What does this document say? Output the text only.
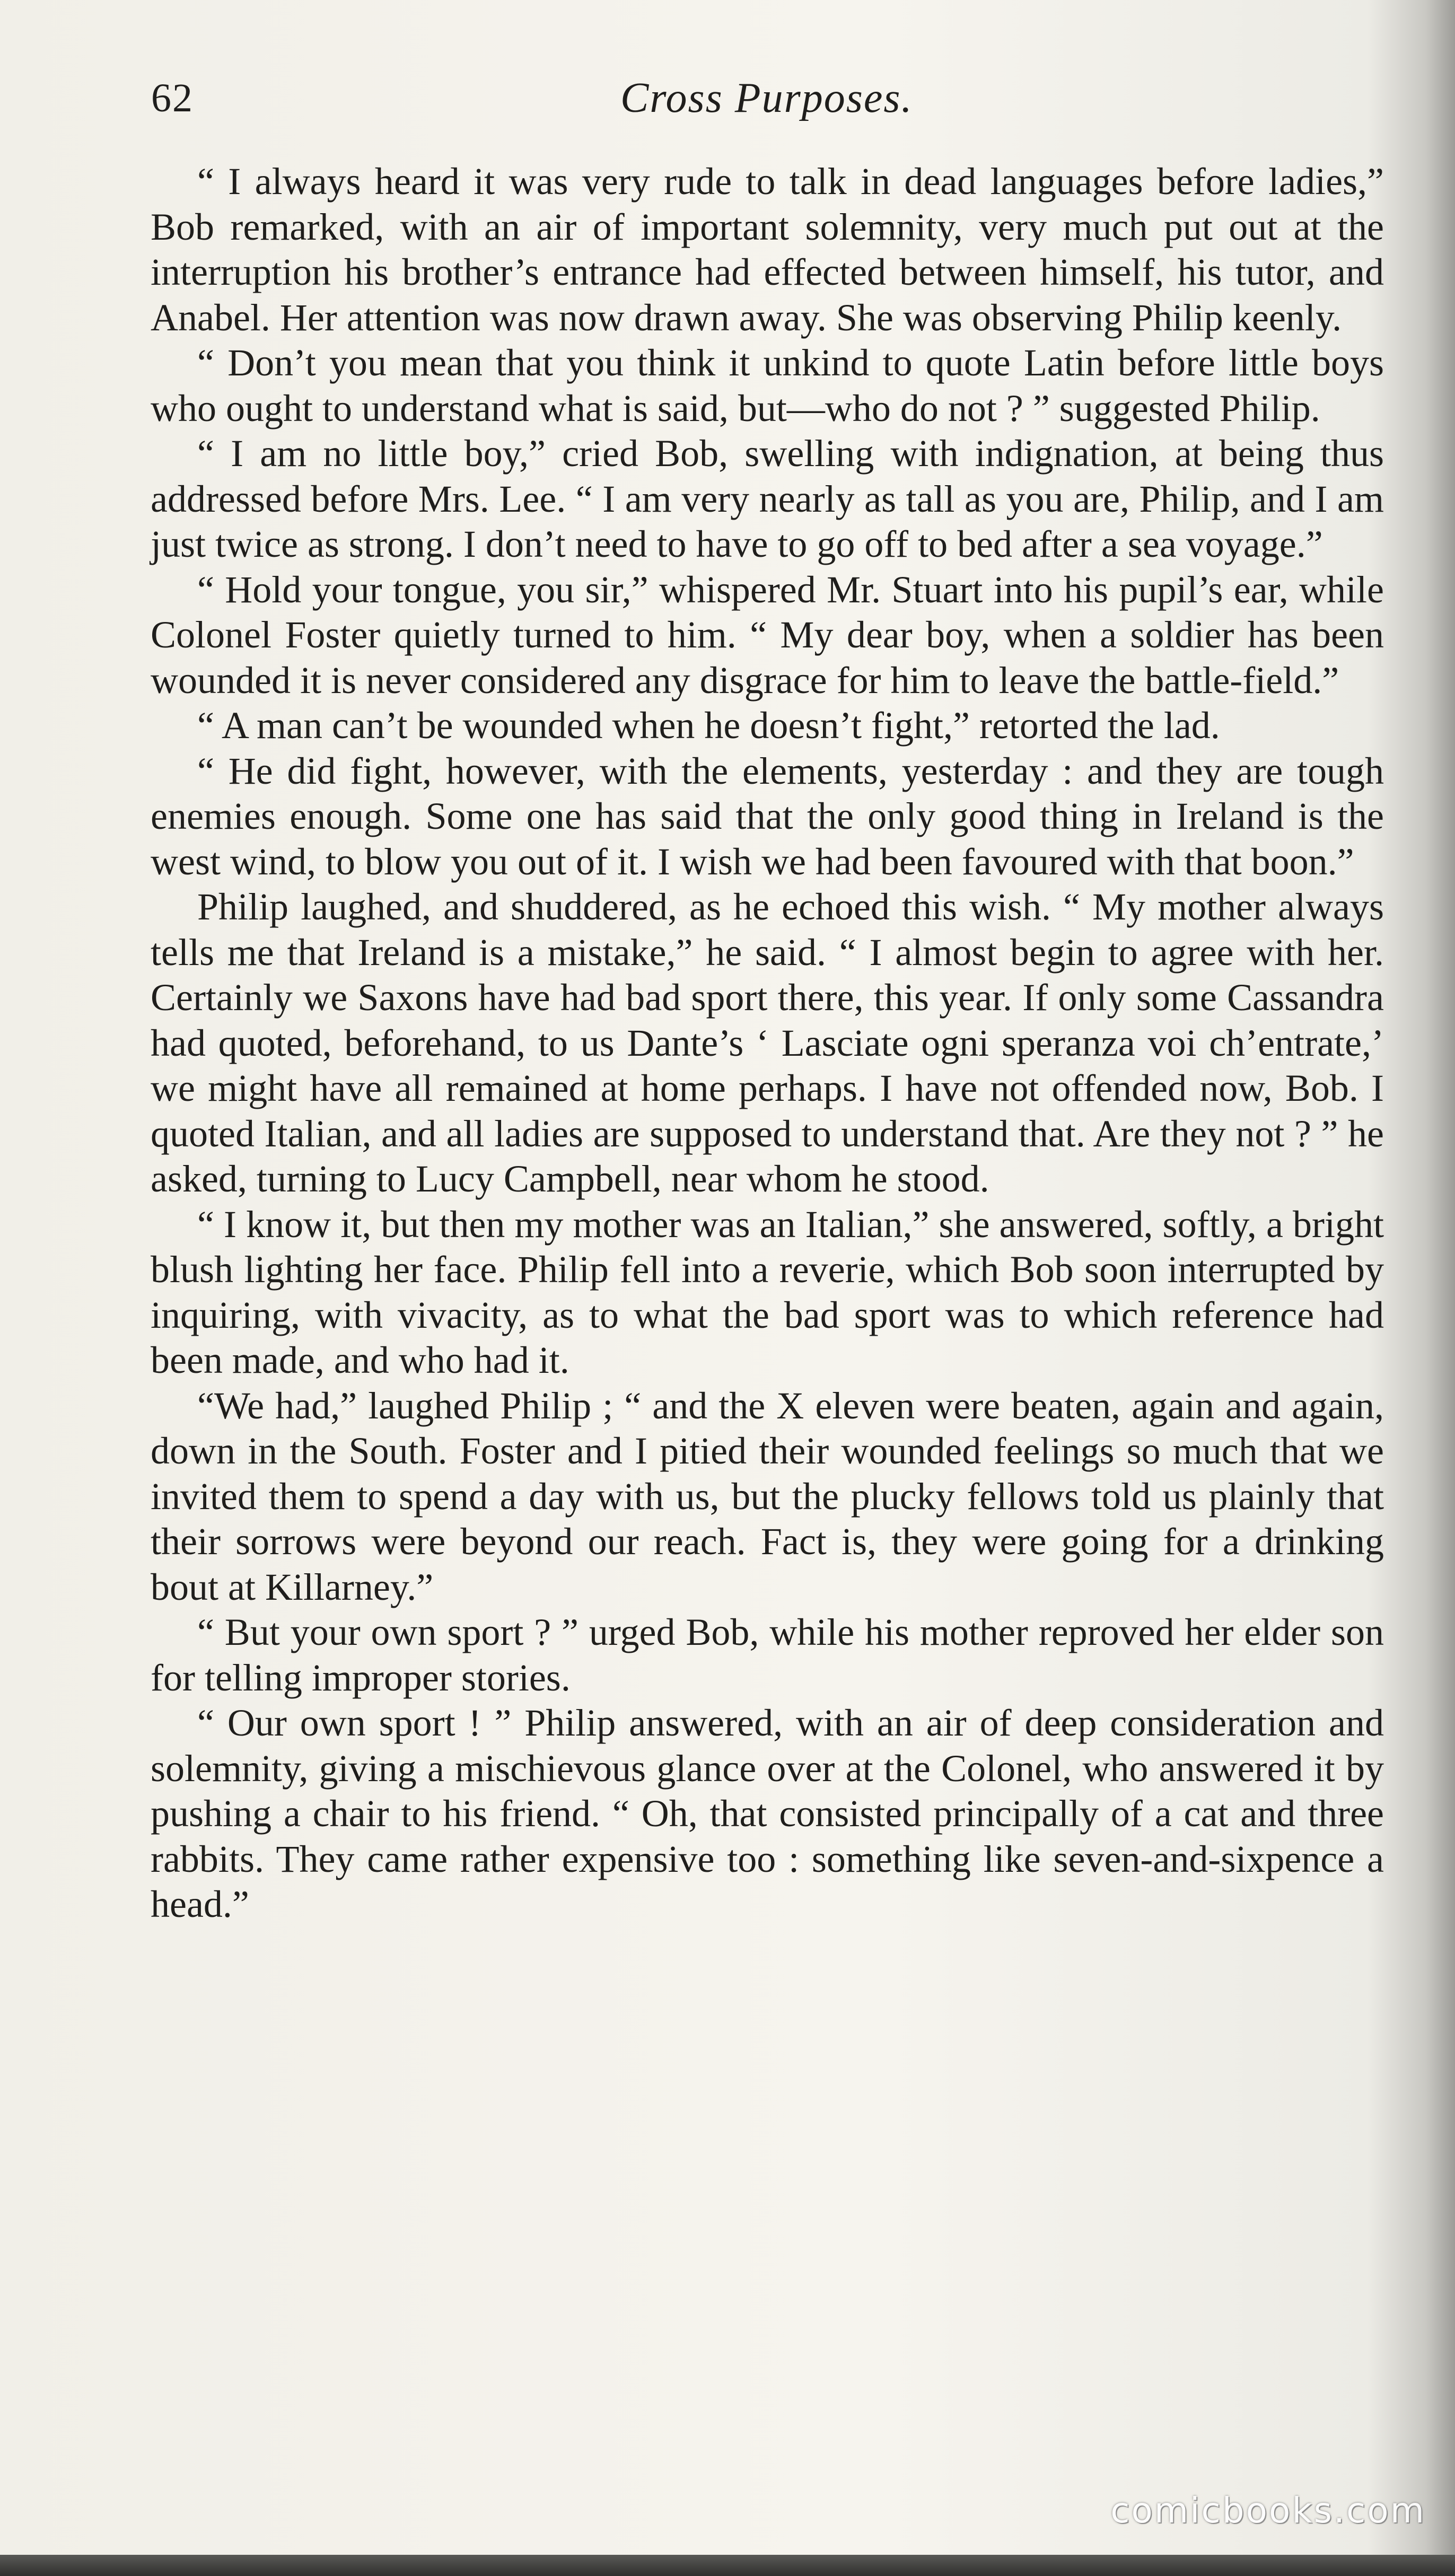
62	Cross Purposes.

“ I always heard it was very rude to talk in dead languages before ladies,” Bob remarked, with an air of important solemnity, very much put out at the interruption his brother’s entrance had effected between himself, his tutor, and Anabel. Her attention was now drawn away. She was observing Philip keenly.

“ Don’t you mean that you think it unkind to quote Latin before little boys who ought to understand what is said, but—who do not ? ” suggested Philip.

“ I am no little boy,” cried Bob, swelling with indignation, at being thus addressed before Mrs. Lee. “ I am very nearly as tall as you are, Philip, and I am just twice as strong. I don’t need to have to go off to bed after a sea voyage.”

“ Hold your tongue, you sir,” whispered Mr. Stuart into his pupil’s ear, while Colonel Foster quietly turned to him. “ My dear boy, when a soldier has been wounded it is never considered any disgrace for him to leave the battle-field.”

“ A man can’t be wounded when he doesn’t fight,” retorted the lad.

“ He did fight, however, with the elements, yesterday : and they are tough enemies enough. Some one has said that the only good thing in Ireland is the west wind, to blow you out of it. I wish we had been favoured with that boon.”

Philip laughed, and shuddered, as he echoed this wish. “ My mother always tells me that Ireland is a mistake,” he said. “ I almost begin to agree with her. Certainly we Saxons have had bad sport there, this year. If only some Cassandra had quoted, beforehand, to us Dante’s ‘ Lasciate ogni speranza voi ch’entrate,’ we might have all remained at home perhaps. I have not offended now, Bob. I quoted Italian, and all ladies are supposed to understand that. Are they not ? ” he asked, turning to Lucy Campbell, near whom he stood.

“ I know it, but then my mother was an Italian,” she answered, softly, a bright blush lighting her face. Philip fell into a reverie, which Bob soon interrupted by inquiring, with vivacity, as to what the bad sport was to which reference had been made, and who had it.

“We had,” laughed Philip ; “ and the X eleven were beaten, again and again, down in the South. Foster and I pitied their wounded feelings so much that we invited them to spend a day with us, but the plucky fellows told us plainly that their sorrows were beyond our reach. Fact is, they were going for a drinking bout at Killarney.”

“ But your own sport ? ” urged Bob, while his mother reproved her elder son for telling improper stories.

“ Our own sport ! ” Philip answered, with an air of deep consideration and solemnity, giving a mischievous glance over at the Colonel, who answered it by pushing a chair to his friend. “ Oh, that consisted principally of a cat and three rabbits. They came rather expensive too : something like seven-and-sixpence a head.”

comicbooks.com
